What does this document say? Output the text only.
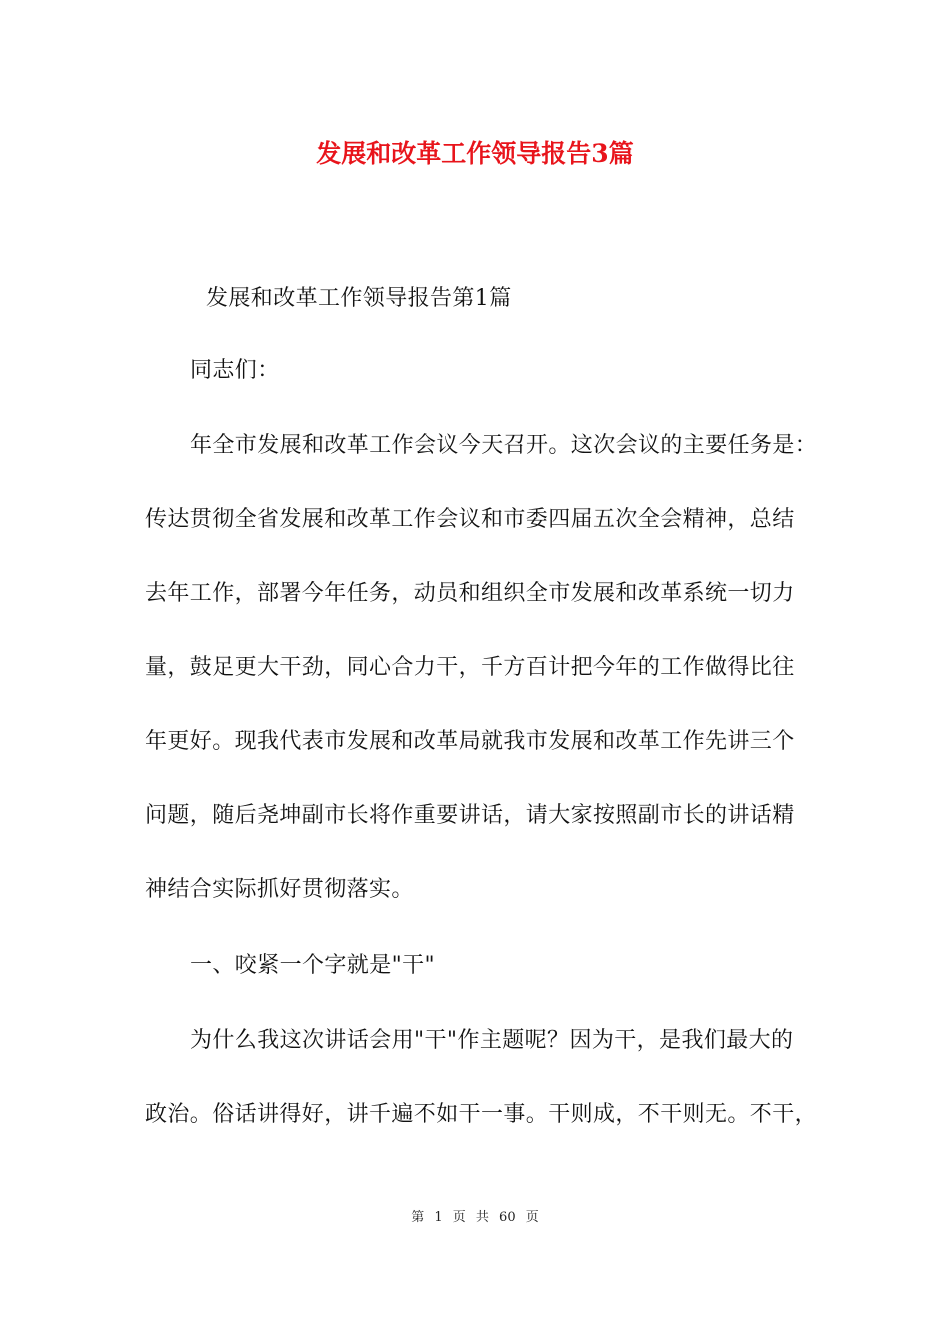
发展和改革工作领导报告3篇
发展和改革工作领导报告第1篇
同志们：
年全市发展和改革工作会议今天召开。这次会议的主要任务是：
传达贯彻全省发展和改革工作会议和市委四届五次全会精神，总结
去年工作，部署今年任务，动员和组织全市发展和改革系统一切力
量，鼓足更大干劲，同心合力干，千方百计把今年的工作做得比往
年更好。现我代表市发展和改革局就我市发展和改革工作先讲三个
问题，随后尧坤副市长将作重要讲话，请大家按照副市长的讲话精
神结合实际抓好贯彻落实。
一、咬紧一个字就是"干"
为什么我这次讲话会用"干"作主题呢？因为干，是我们最大的
政治。俗话讲得好，讲千遍不如干一事。干则成，不干则无。不干，
第 1 页 共 60 页
